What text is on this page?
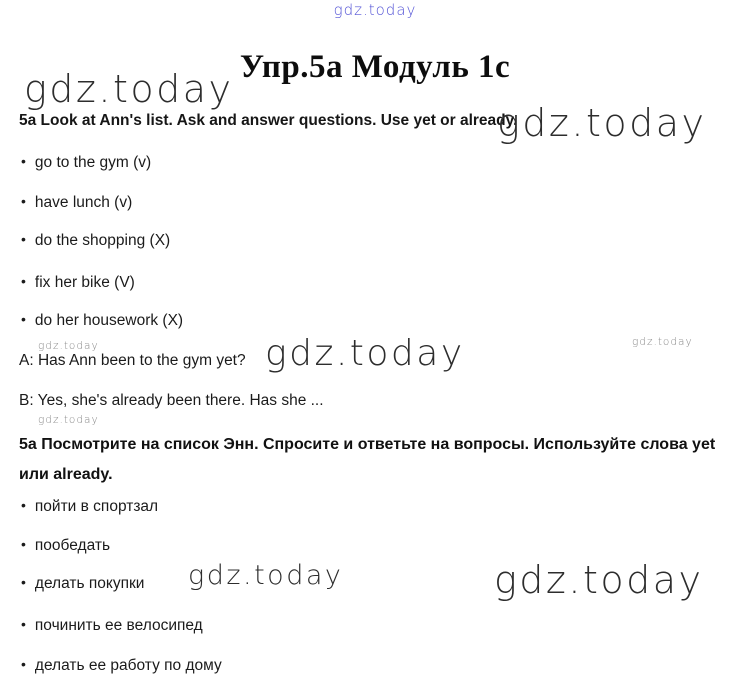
gdz.today
Упр.5а Модуль 1с
gdz.today
5a Look at Ann's list. Ask and answer questions. Use yet or already.
gdz.today
• go to the gym (v)
• have lunch (v)
• do the shopping (X)
• fix her bike (V)
• do her housework (X)
gdz.today	gdz.today
A: Has Ann been to the gym yet? gdz.today
B: Yes, she's already been there. Has she ...
gdz.today
5а Посмотрите на список Энн. Спросите и ответьте на вопросы. Используйте слова yet или already.
• пойти в спортзал
• пообедать
• делать покупки
• починить ее велосипед
• делать ее работу по дому
gdz.today	gdz.today
